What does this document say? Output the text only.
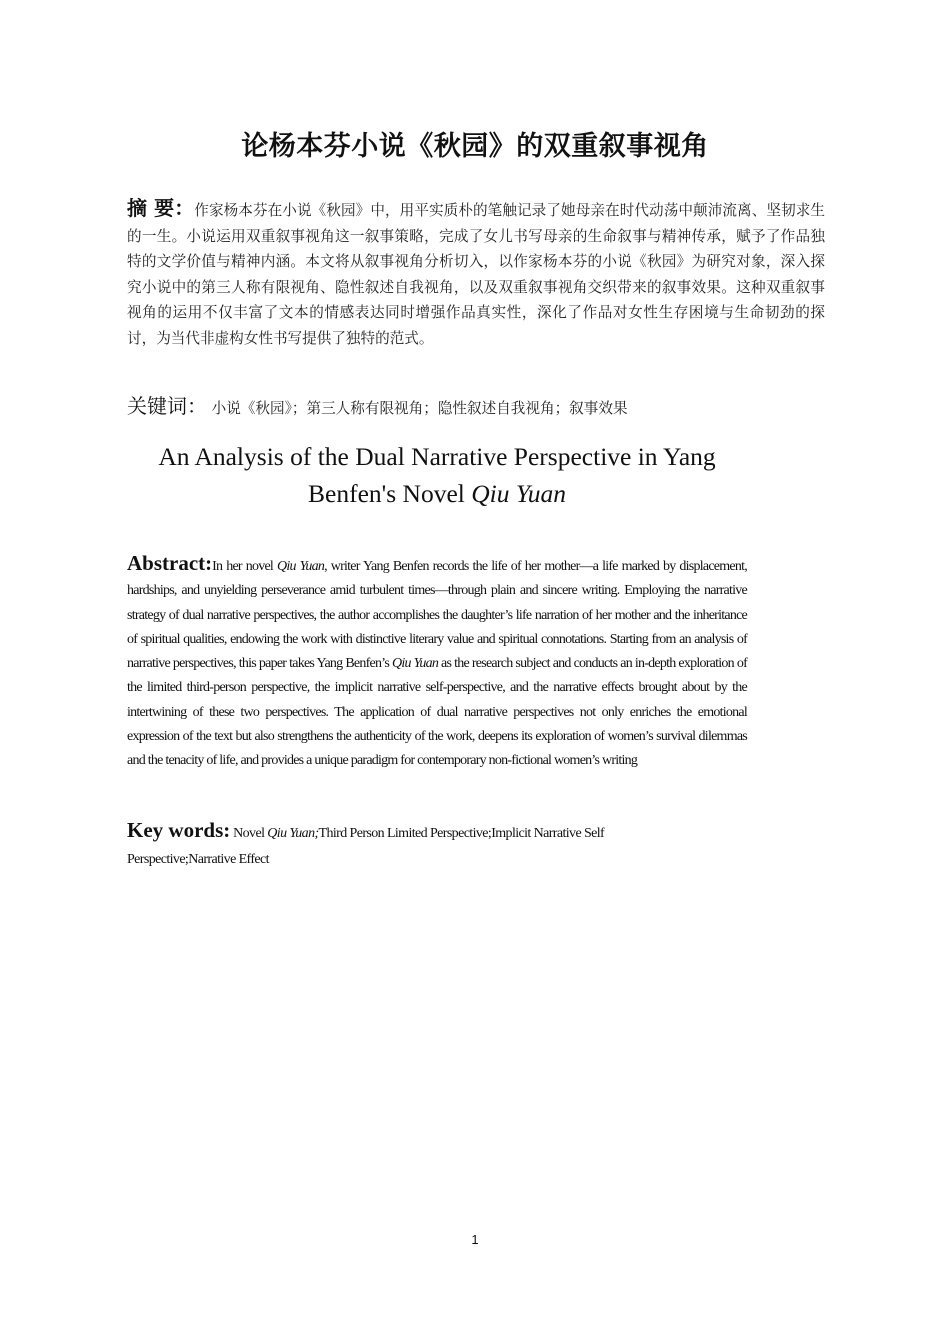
论杨本芬小说《秋园》的双重叙事视角

摘 要：作家杨本芬在小说《秋园》中，用平实质朴的笔触记录了她母亲在时代动荡中颠沛流离、坚韧求生的一生。小说运用双重叙事视角这一叙事策略，完成了女儿书写母亲的生命叙事与精神传承，赋予了作品独特的文学价值与精神内涵。本文将从叙事视角分析切入，以作家杨本芬的小说《秋园》为研究对象，深入探究小说中的第三人称有限视角、隐性叙述自我视角，以及双重叙事视角交织带来的叙事效果。这种双重叙事视角的运用不仅丰富了文本的情感表达同时增强作品真实性，深化了作品对女性生存困境与生命韧劲的探讨，为当代非虚构女性书写提供了独特的范式。

关键词： 小说《秋园》；第三人称有限视角；隐性叙述自我视角；叙事效果

An Analysis of the Dual Narrative Perspective in Yang
Benfen's Novel Qiu Yuan

Abstract:In her novel Qiu Yuan, writer Yang Benfen records the life of her mother—a life marked by displacement, hardships, and unyielding perseverance amid turbulent times—through plain and sincere writing. Employing the narrative strategy of dual narrative perspectives, the author accomplishes the daughter’s life narration of her mother and the inheritance of spiritual qualities, endowing the work with distinctive literary value and spiritual connotations. Starting from an analysis of narrative perspectives, this paper takes Yang Benfen’s Qiu Yuan as the research subject and conducts an in-depth exploration of the limited third-person perspective, the implicit narrative self-perspective, and the narrative effects brought about by the intertwining of these two perspectives. The application of dual narrative perspectives not only enriches the emotional expression of the text but also strengthens the authenticity of the work, deepens its exploration of women’s survival dilemmas and the tenacity of life, and provides a unique paradigm for contemporary non-fictional women’s writing

Key words: Novel Qiu Yuan;Third Person Limited Perspective;Implicit Narrative Self Perspective;Narrative Effect

1
